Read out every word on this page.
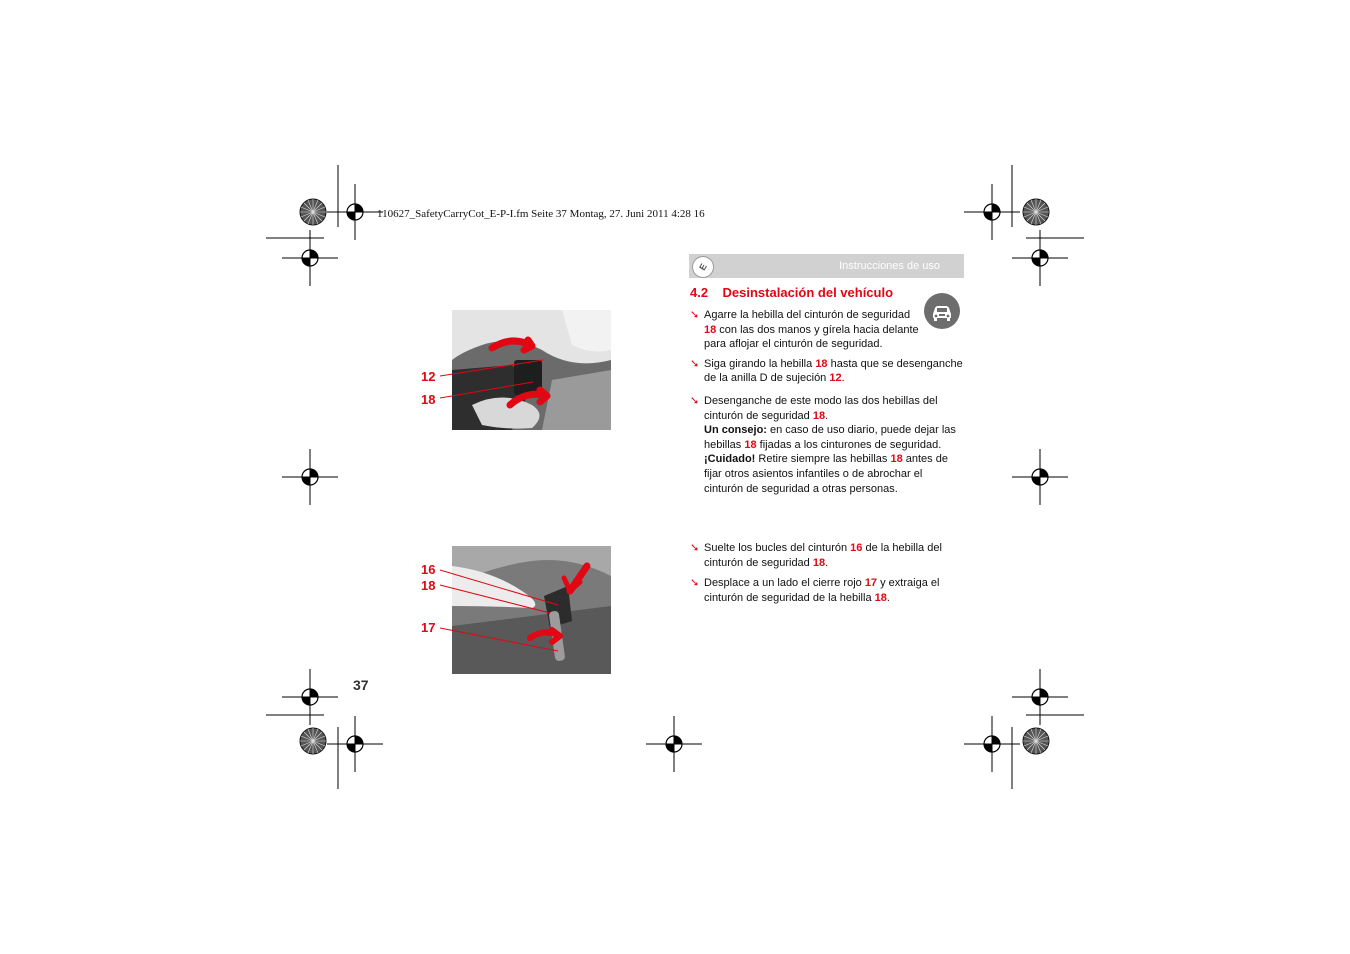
110627_SafetyCarryCot_E-P-I.fm Seite 37 Montag, 27. Juni 2011 4:28 16
Instrucciones de uso
E
4.2 Desinstalación del vehículo
➘ Agarre la hebilla del cinturón de seguridad 18 con las dos manos y gírela hacia delante para aflojar el cinturón de seguridad.
➘ Siga girando la hebilla 18 hasta que se desenganche de la anilla D de sujeción 12.
➘ Desenganche de este modo las dos hebillas del cinturón de seguridad 18.
Un consejo: en caso de uso diario, puede dejar las hebillas 18 fijadas a los cinturones de seguridad.
¡Cuidado! Retire siempre las hebillas 18 antes de fijar otros asientos infantiles o de abrochar el cinturón de seguridad a otras personas.
➘ Suelte los bucles del cinturón 16 de la hebilla del cinturón de seguridad 18.
➘ Desplace a un lado el cierre rojo 17 y extraiga el cinturón de seguridad de la hebilla 18.
12
18
16
18
17
37
